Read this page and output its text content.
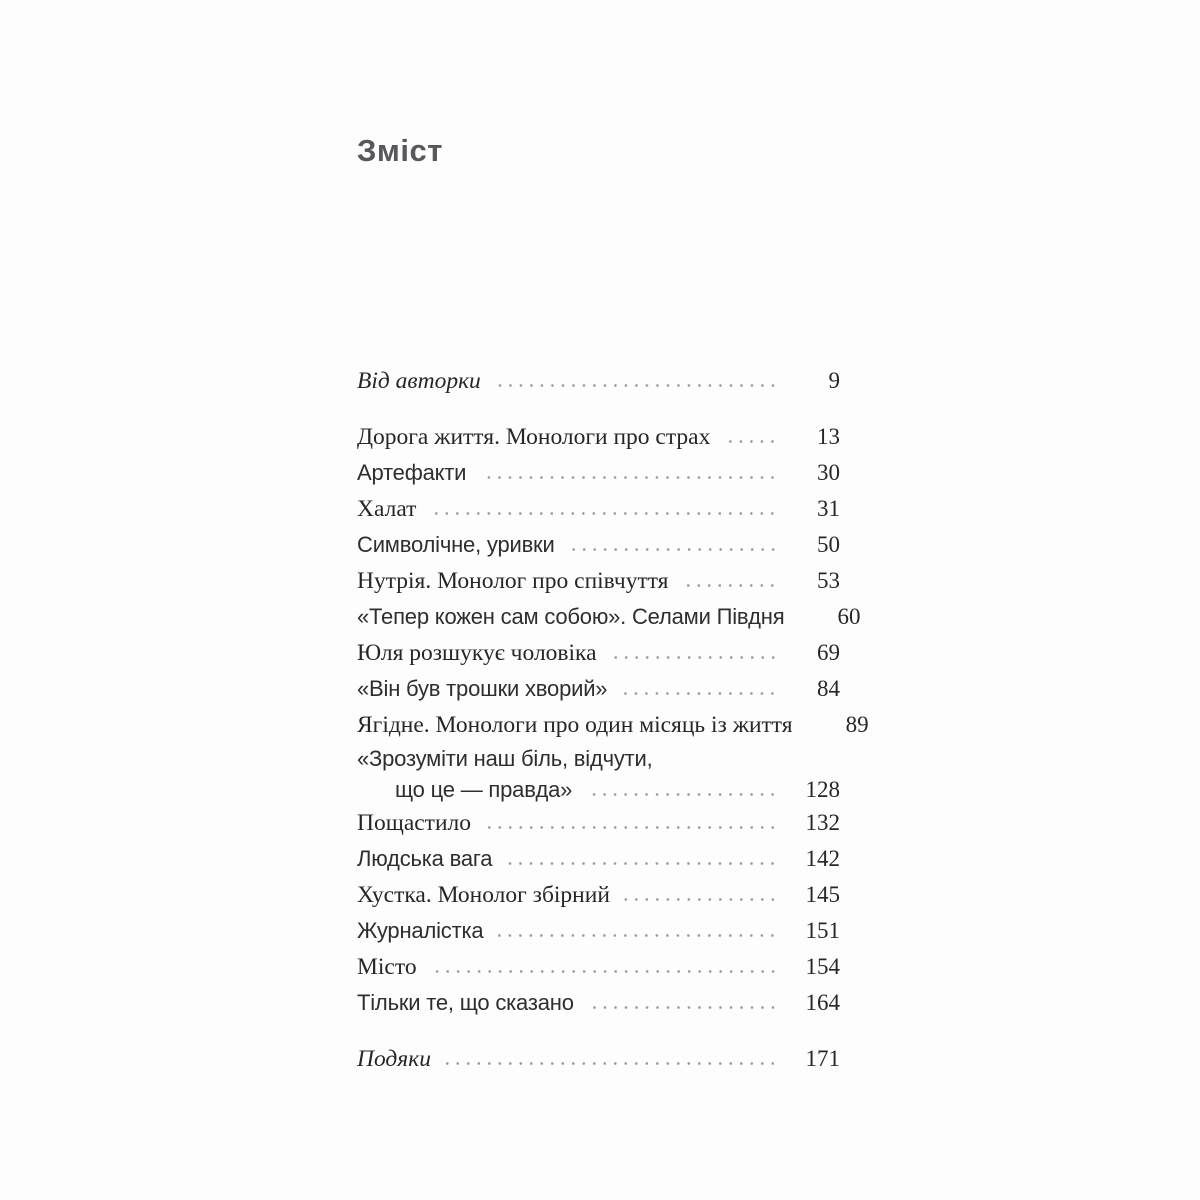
Зміст
Від авторки	9
Дорога життя. Монологи про страх	13
Артефакти	30
Халат	31
Символічне, уривки	50
Нутрія. Монолог про співчуття	53
«Тепер кожен сам собою». Селами Півдня	60
Юля розшукує чоловіка	69
«Він був трошки хворий»	84
Ягідне. Монологи про один місяць із життя	89
«Зрозуміти наш біль, відчути,
що це — правда»	128
Пощастило	132
Людська вага	142
Хустка. Монолог збірний	145
Журналістка	151
Місто	154
Тільки те, що сказано	164
Подяки	171
